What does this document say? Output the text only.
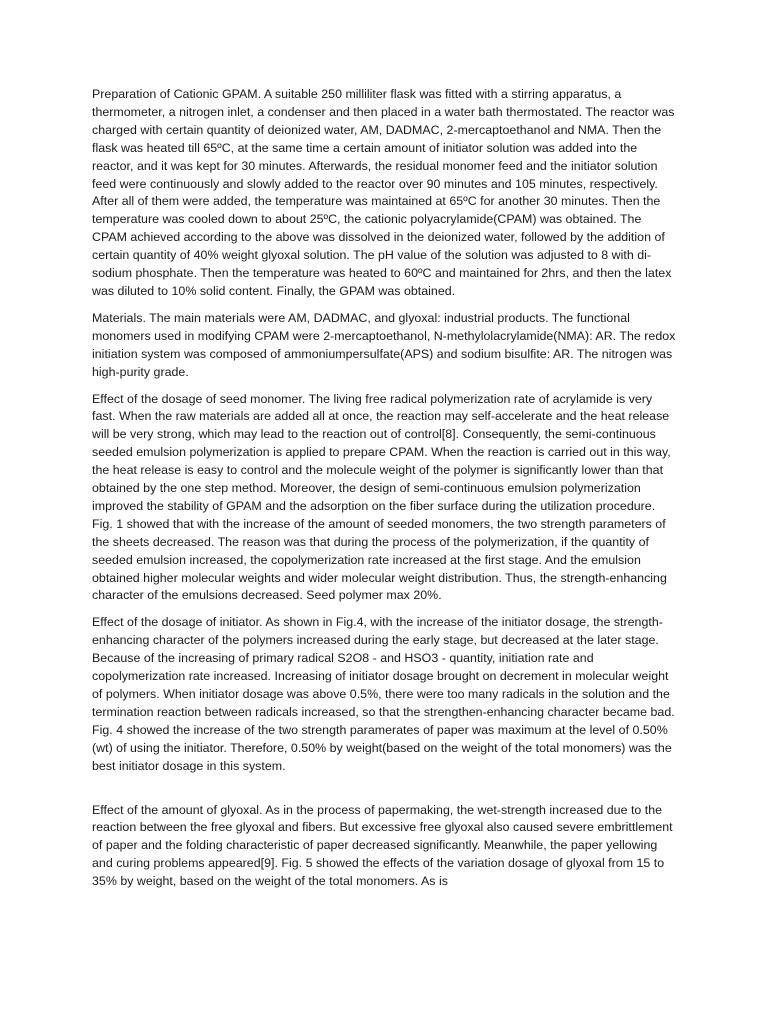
Preparation of Cationic GPAM. A suitable 250 milliliter flask was fitted with a stirring apparatus, a thermometer, a nitrogen inlet, a condenser and then placed in a water bath thermostated. The reactor was charged with certain quantity of deionized water, AM, DADMAC, 2-mercaptoethanol and NMA. Then the flask was heated till 65ºC, at the same time a certain amount of initiator solution was added into the reactor, and it was kept for 30 minutes. Afterwards, the residual monomer feed and the initiator solution feed were continuously and slowly added to the reactor over 90 minutes and 105 minutes, respectively. After all of them were added, the temperature was maintained at 65ºC for another 30 minutes. Then the temperature was cooled down to about 25ºC, the cationic polyacrylamide(CPAM) was obtained. The CPAM achieved according to the above was dissolved in the deionized water, followed by the addition of certain quantity of 40% weight glyoxal solution. The pH value of the solution was adjusted to 8 with di-sodium phosphate. Then the temperature was heated to 60ºC and maintained for 2hrs, and then the latex was diluted to 10% solid content. Finally, the GPAM was obtained.

Materials. The main materials were AM, DADMAC, and glyoxal: industrial products. The functional monomers used in modifying CPAM were 2-mercaptoethanol, N-methylolacrylamide(NMA): AR. The redox initiation system was composed of ammoniumpersulfate(APS) and sodium bisulfite: AR. The nitrogen was high-purity grade.

Effect of the dosage of seed monomer. The living free radical polymerization rate of acrylamide is very fast. When the raw materials are added all at once, the reaction may self-accelerate and the heat release will be very strong, which may lead to the reaction out of control[8]. Consequently, the semi-continuous seeded emulsion polymerization is applied to prepare CPAM. When the reaction is carried out in this way, the heat release is easy to control and the molecule weight of the polymer is significantly lower than that obtained by the one step method. Moreover, the design of semi-continuous emulsion polymerization improved the stability of GPAM and the adsorption on the fiber surface during the utilization procedure. Fig. 1 showed that with the increase of the amount of seeded monomers, the two strength parameters of the sheets decreased. The reason was that during the process of the polymerization, if the quantity of seeded emulsion increased, the copolymerization rate increased at the first stage. And the emulsion obtained higher molecular weights and wider molecular weight distribution. Thus, the strength-enhancing character of the emulsions decreased. Seed polymer max 20%.

Effect of the dosage of initiator. As shown in Fig.4, with the increase of the initiator dosage, the strength-enhancing character of the polymers increased during the early stage, but decreased at the later stage. Because of the increasing of primary radical S2O8 - and HSO3 - quantity, initiation rate and copolymerization rate increased. Increasing of initiator dosage brought on decrement in molecular weight of polymers. When initiator dosage was above 0.5%, there were too many radicals in the solution and the termination reaction between radicals increased, so that the strengthen-enhancing character became bad. Fig. 4 showed the increase of the two strength paramerates of paper was maximum at the level of 0.50%(wt) of using the initiator. Therefore, 0.50% by weight(based on the weight of the total monomers) was the best initiator dosage in this system.

Effect of the amount of glyoxal. As in the process of papermaking, the wet-strength increased due to the reaction between the free glyoxal and fibers. But excessive free glyoxal also caused severe embrittlement of paper and the folding characteristic of paper decreased significantly. Meanwhile, the paper yellowing and curing problems appeared[9]. Fig. 5 showed the effects of the variation dosage of glyoxal from 15 to 35% by weight, based on the weight of the total monomers. As is
